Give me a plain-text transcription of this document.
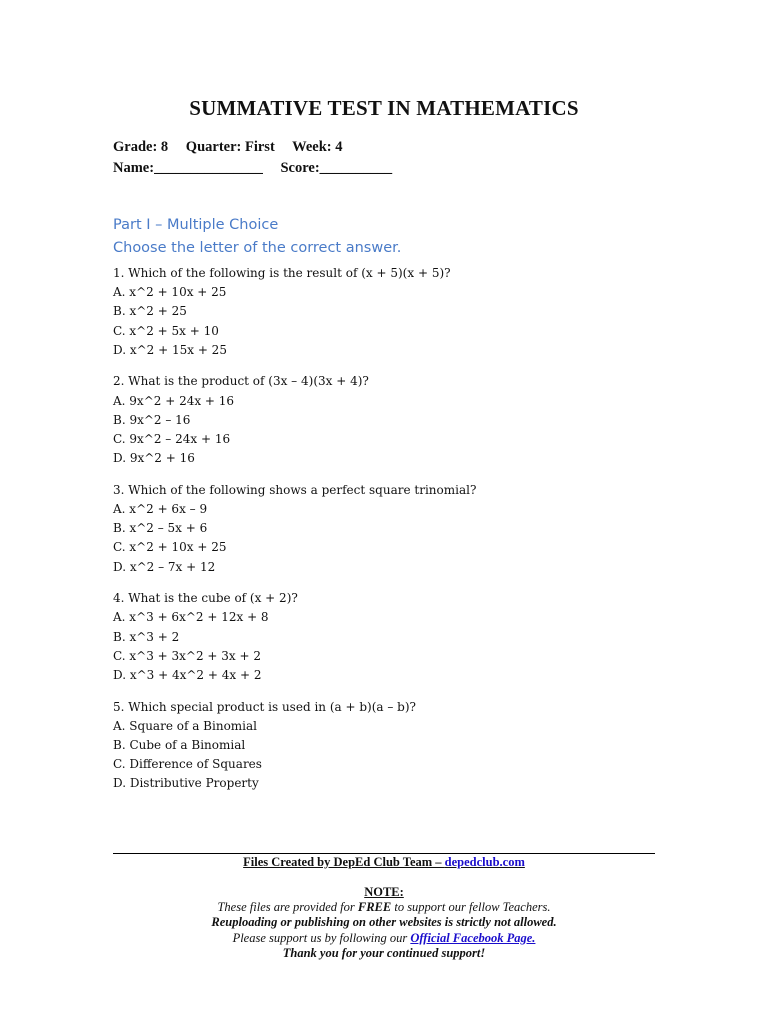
SUMMATIVE TEST IN MATHEMATICS
Grade: 8 Quarter: First Week: 4
Name:_______________ Score:__________
Part I – Multiple Choice
Choose the letter of the correct answer.
1. Which of the following is the result of (x + 5)(x + 5)?
A. x^2 + 10x + 25
B. x^2 + 25
C. x^2 + 5x + 10
D. x^2 + 15x + 25
2. What is the product of (3x – 4)(3x + 4)?
A. 9x^2 + 24x + 16
B. 9x^2 – 16
C. 9x^2 – 24x + 16
D. 9x^2 + 16
3. Which of the following shows a perfect square trinomial?
A. x^2 + 6x – 9
B. x^2 – 5x + 6
C. x^2 + 10x + 25
D. x^2 – 7x + 12
4. What is the cube of (x + 2)?
A. x^3 + 6x^2 + 12x + 8
B. x^3 + 2
C. x^3 + 3x^2 + 3x + 2
D. x^3 + 4x^2 + 4x + 2
5. Which special product is used in (a + b)(a – b)?
A. Square of a Binomial
B. Cube of a Binomial
C. Difference of Squares
D. Distributive Property
Files Created by DepEd Club Team – depedclub.com
NOTE:
These files are provided for FREE to support our fellow Teachers.
Reuploading or publishing on other websites is strictly not allowed.
Please support us by following our Official Facebook Page.
Thank you for your continued support!
